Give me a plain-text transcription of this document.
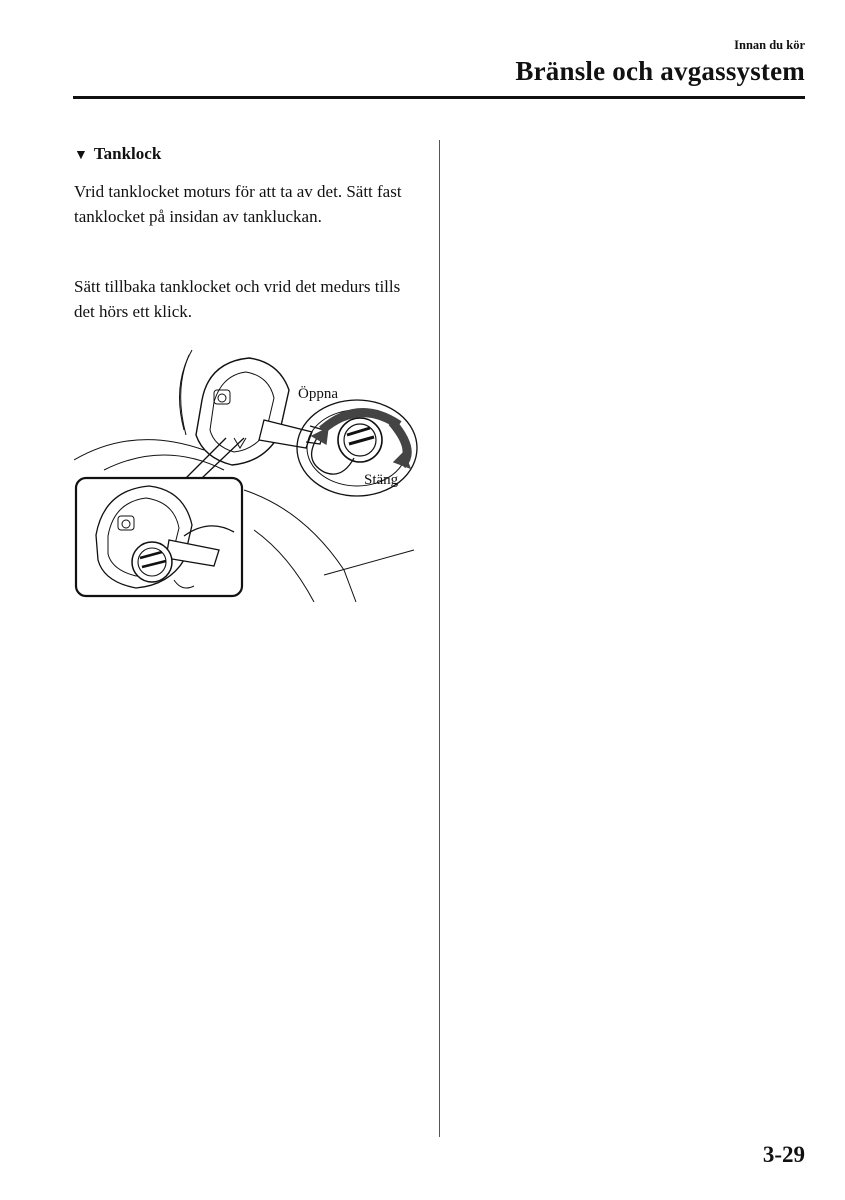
Innan du kör
Bränsle och avgassystem
▼ Tanklock
Vrid tanklocket moturs för att ta av det. Sätt fast tanklocket på insidan av tankluckan.
Sätt tillbaka tanklocket och vrid det medurs tills det hörs ett klick.
Öppna
Stäng
3-29
